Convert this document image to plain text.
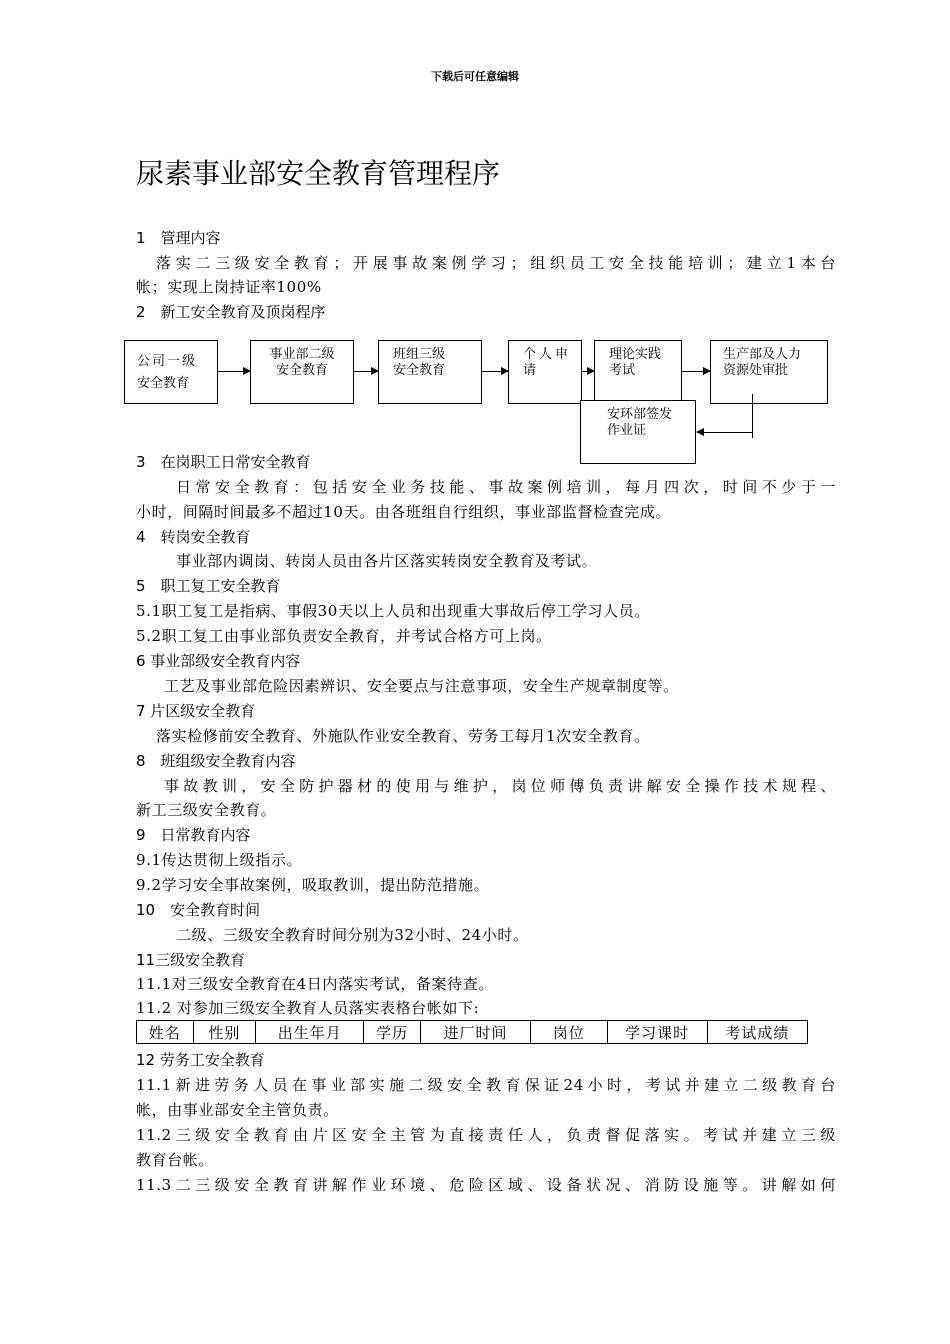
下载后可任意编辑
尿素事业部安全教育管理程序
1　管理内容
落实二三级安全教育；开展事故案例学习；组织员工安全技能培训；建立1本台
帐；实现上岗持证率100%
2　新工安全教育及顶岗程序
公司一级
安全教育
事业部二级
安全教育
班组三级
安全教育
个人申
请
理论实践
考试
生产部及人力
资源处审批
安环部签发
作业证
3　在岗职工日常安全教育
日常安全教育：包括安全业务技能、事故案例培训，每月四次，时间不少于一
小时，间隔时间最多不超过10天。由各班组自行组织，事业部监督检查完成。
4　转岗安全教育
事业部内调岗、转岗人员由各片区落实转岗安全教育及考试。
5　职工复工安全教育
5.1职工复工是指病、事假30天以上人员和出现重大事故后停工学习人员。
5.2职工复工由事业部负责安全教育，并考试合格方可上岗。
6 事业部级安全教育内容
工艺及事业部危险因素辨识、安全要点与注意事项，安全生产规章制度等。
7 片区级安全教育
落实检修前安全教育、外施队作业安全教育、劳务工每月1次安全教育。
8　班组级安全教育内容
事故教训，安全防护器材的使用与维护，岗位师傅负责讲解安全操作技术规程、
新工三级安全教育。
9　日常教育内容
9.1传达贯彻上级指示。
9.2学习安全事故案例，吸取教训，提出防范措施。
10　安全教育时间
二级、三级安全教育时间分别为32小时、24小时。
11三级安全教育
11.1对三级安全教育在4日内落实考试，备案待查。
11.2 对参加三级安全教育人员落实表格台帐如下:
姓名	性别	出生年月	学历	进厂时间	岗位	学习课时	考试成绩
12 劳务工安全教育
11.1新进劳务人员在事业部实施二级安全教育保证24小时，考试并建立二级教育台
帐，由事业部安全主管负责。
11.2三级安全教育由片区安全主管为直接责任人，负责督促落实。考试并建立三级
教育台帐。
11.3二三级安全教育讲解作业环境、危险区域、设备状况、消防设施等。讲解如何
